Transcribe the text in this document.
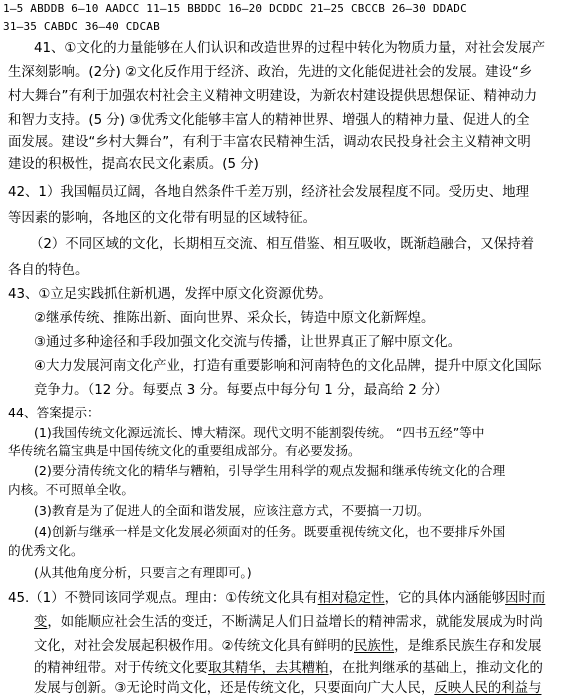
1—5 ABDDB 6—10 AADCC 11—15 BBDDC 16—20 DCDDC 21—25 CBCCB 26—30 DDADC
31—35 CABDC 36—40 CDCAB
41、①文化的力量能够在人们认识和改造世界的过程中转化为物质力量，对社会发展产
生深刻影响。(2分) ②文化反作用于经济、政治，先进的文化能促进社会的发展。建设“乡
村大舞台”有利于加强农村社会主义精神文明建设，为新农村建设提供思想保证、精神动力
和智力支持。(5 分) ③优秀文化能够丰富人的精神世界、增强人的精神力量、促进人的全
面发展。建设“乡村大舞台”，有利于丰富农民精神生活，调动农民投身社会主义精神文明
建设的积极性，提高农民文化素质。(5 分)
42、1）我国幅员辽阔，各地自然条件千差万别，经济社会发展程度不同。受历史、地理
等因素的影响，各地区的文化带有明显的区域特征。
（2）不同区域的文化，长期相互交流、相互借鉴、相互吸收，既渐趋融合，又保持着
各自的特色。
43、①立足实践抓住新机遇，发挥中原文化资源优势。
②继承传统、推陈出新、面向世界、采众长，铸造中原文化新辉煌。
③通过多种途径和手段加强文化交流与传播，让世界真正了解中原文化。
④大力发展河南文化产业，打造有重要影响和河南特色的文化品牌，提升中原文化国际
竞争力。（12 分。每要点 3 分。每要点中每分句 1 分，最高给 2 分）
44、答案提示：
(1)我国传统文化源远流长、博大精深。现代文明不能割裂传统。 “四书五经”等中
华传统名篇宝典是中国传统文化的重要组成部分。有必要发扬。
(2)要分清传统文化的精华与糟粕，引导学生用科学的观点发掘和继承传统文化的合理
内核。不可照单全收。
(3)教育是为了促进人的全面和谐发展，应该注意方式，不要搞一刀切。
(4)创新与继承一样是文化发展必须面对的任务。既要重视传统文化，也不要排斥外国
的优秀文化。
(从其他角度分析，只要言之有理即可。)
45.（1）不赞同该同学观点。理由：①传统文化具有相对稳定性，它的具体内涵能够因时而
变，如能顺应社会生活的变迁，不断满足人们日益增长的精神需求，就能发展成为时尚
文化，对社会发展起积极作用。②传统文化具有鲜明的民族性，是维系民族生存和发展
的精神纽带。对于传统文化要取其精华，去其糟粕，在批判继承的基础上，推动文化的
发展与创新。③无论时尚文化，还是传统文化，只要面向广大人民，反映人民的利益与
